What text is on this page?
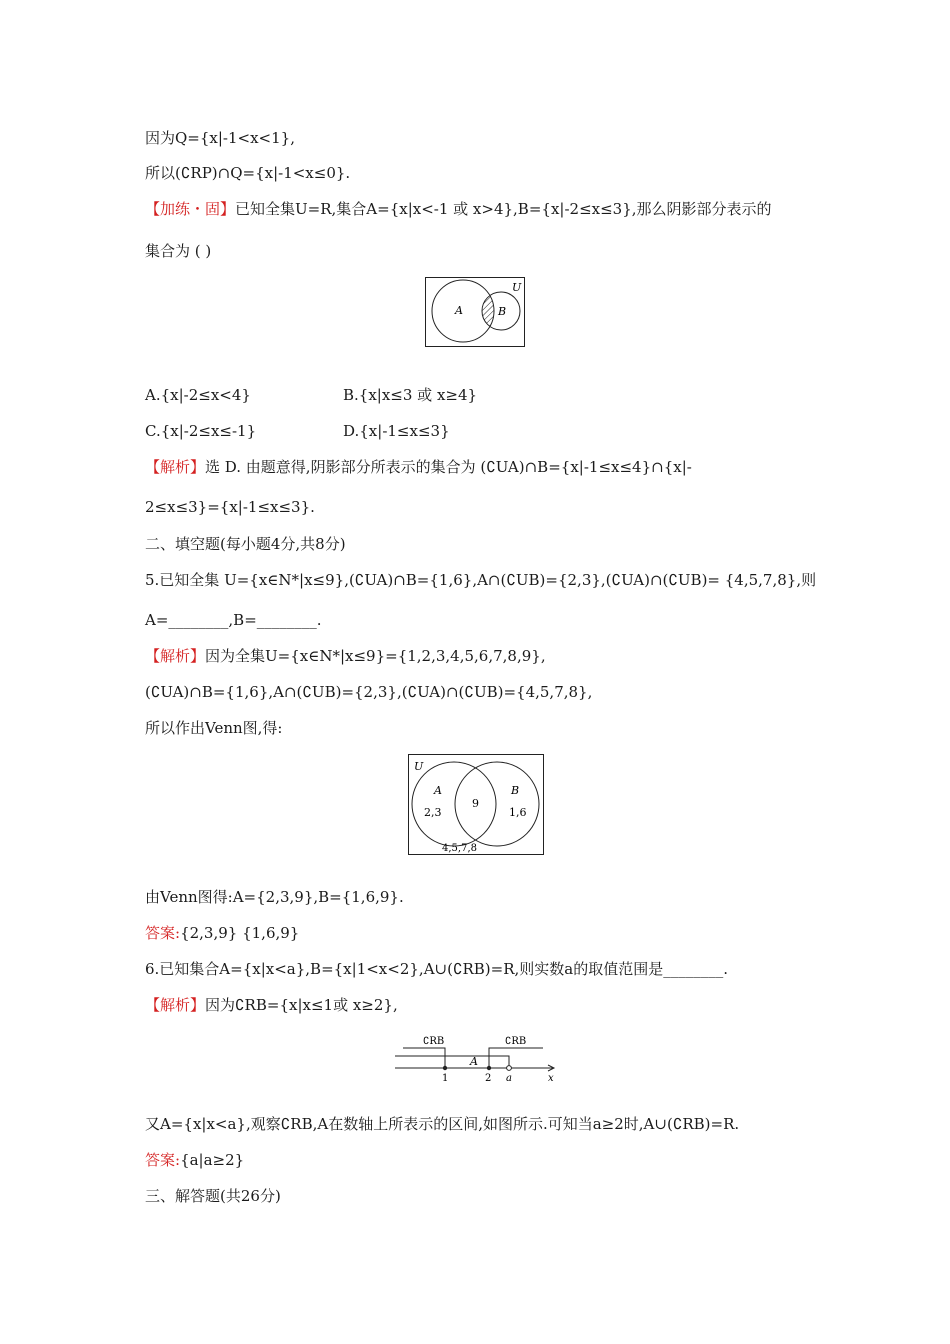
因为Q={x|-1<x<1},
所以(∁RP)∩Q={x|-1<x≤0}.
【加练・固】已知全集U=R,集合A={x|x<-1 或 x>4},B={x|-2≤x≤3},那么阴影部分表示的
集合为 ( )
U
A	B
A.{x|-2≤x<4}	B.{x|x≤3 或 x≥4}
C.{x|-2≤x≤-1}	D.{x|-1≤x≤3}
【解析】选 D. 由题意得,阴影部分所表示的集合为 (∁UA)∩B={x|-1≤x≤4}∩{x|-
2≤x≤3}={x|-1≤x≤3}.
二、填空题(每小题4分,共8分)
5.已知全集 U={x∈N*|x≤9},(∁UA)∩B={1,6},A∩(∁UB)={2,3},(∁UA)∩(∁UB)= {4,5,7,8},则
A=________,B=________.
【解析】因为全集U={x∈N*|x≤9}={1,2,3,4,5,6,7,8,9},
(∁UA)∩B={1,6},A∩(∁UB)={2,3},(∁UA)∩(∁UB)={4,5,7,8},
所以作出Venn图,得:
U
A	B
2,3
9
1,6
4,5,7,8
由Venn图得:A={2,3,9},B={1,6,9}.
答案:{2,3,9} {1,6,9}
6.已知集合A={x|x<a},B={x|1<x<2},A∪(∁RB)=R,则实数a的取值范围是________.
【解析】因为∁RB={x|x≤1或 x≥2},
∁RB	∁RB
A
1	2 a	x
又A={x|x<a},观察∁RB,A在数轴上所表示的区间,如图所示.可知当a≥2时,A∪(∁RB)=R.
答案:{a|a≥2}
三、解答题(共26分)
